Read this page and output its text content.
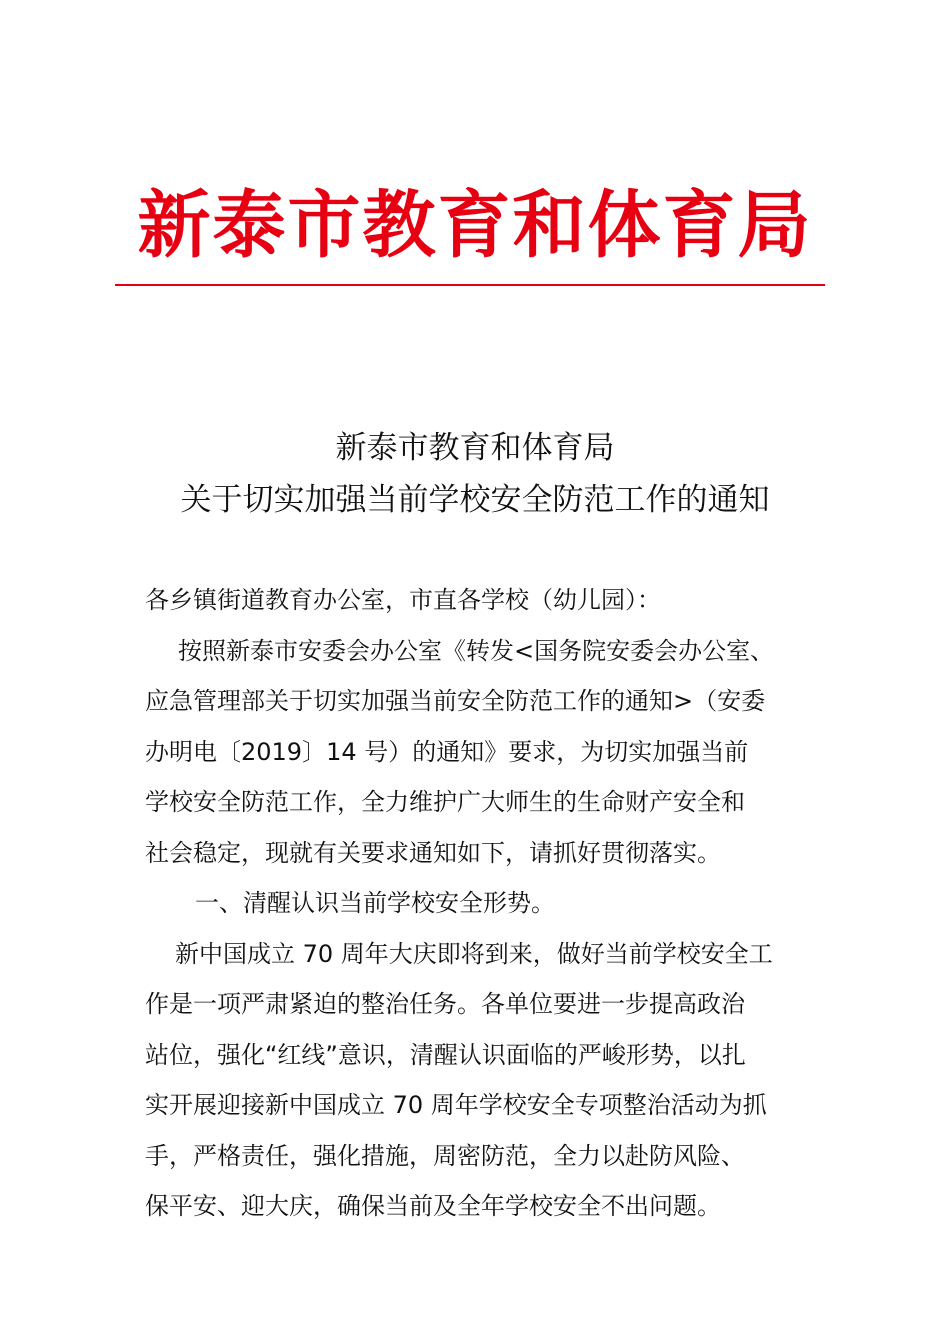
新泰市教育和体育局
新泰市教育和体育局
关于切实加强当前学校安全防范工作的通知

各乡镇街道教育办公室，市直各学校（幼儿园）：

按照新泰市安委会办公室《转发<国务院安委会办公室、

应急管理部关于切实加强当前安全防范工作的通知>（安委

办明电〔2019〕14 号）的通知》要求，为切实加强当前

学校安全防范工作，全力维护广大师生的生命财产安全和

社会稳定，现就有关要求通知如下，请抓好贯彻落实。

一、清醒认识当前学校安全形势。

新中国成立 70 周年大庆即将到来，做好当前学校安全工

作是一项严肃紧迫的整治任务。各单位要进一步提高政治

站位，强化“红线”意识，清醒认识面临的严峻形势，以扎

实开展迎接新中国成立 70 周年学校安全专项整治活动为抓

手，严格责任，强化措施，周密防范，全力以赴防风险、

保平安、迎大庆，确保当前及全年学校安全不出问题。
